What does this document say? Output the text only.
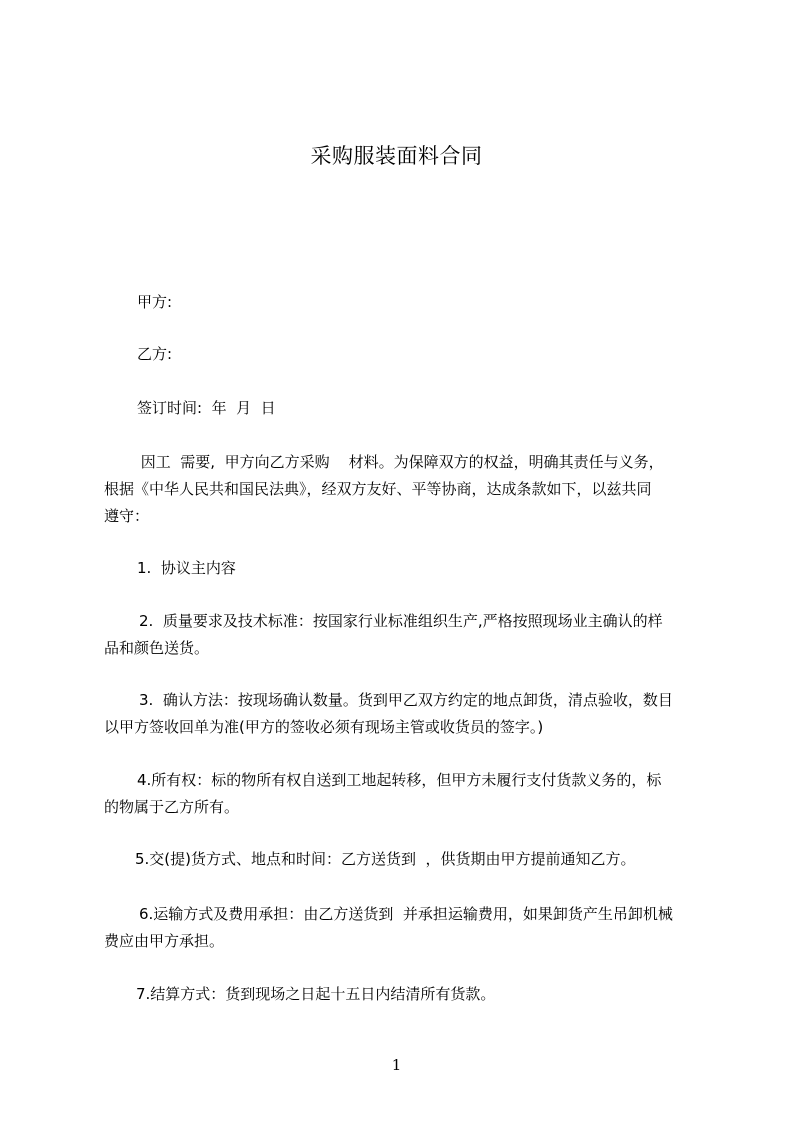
采购服装面料合同
甲方:
乙方:
签订时间:  年  月  日
因工  需要,  甲方向乙方采购    材料。为保障双方的权益，明确其责任与义务，
根据《中华人民共和国民法典》，经双方友好、平等协商，达成条款如下，以兹共同
遵守：
1.  协议主内容
2.  质量要求及技术标准：按国家行业标准组织生产,严格按照现场业主确认的样
品和颜色送货。
3.  确认方法：按现场确认数量。货到甲乙双方约定的地点卸货，清点验收，数目
以甲方签收回单为准(甲方的签收必须有现场主管或收货员的签字。)
4.所有权：标的物所有权自送到工地起转移，但甲方未履行支付货款义务的，标
的物属于乙方所有。
5.交(提)货方式、地点和时间：乙方送货到  ，供货期由甲方提前通知乙方。
6.运输方式及费用承担：由乙方送货到  并承担运输费用，如果卸货产生吊卸机械
费应由甲方承担。
7.结算方式：货到现场之日起十五日内结清所有货款。
1
